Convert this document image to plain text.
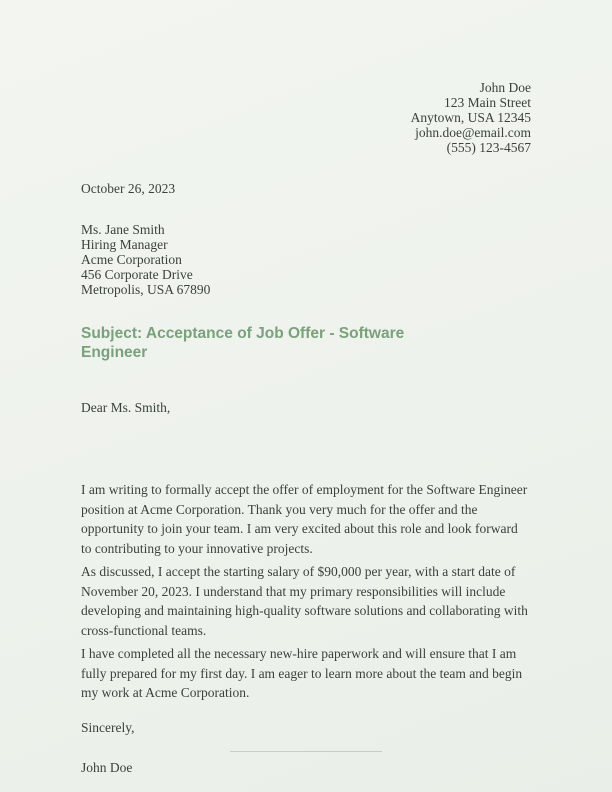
John Doe
123 Main Street
Anytown, USA 12345
john.doe@email.com
(555) 123-4567
October 26, 2023
Ms. Jane Smith
Hiring Manager
Acme Corporation
456 Corporate Drive
Metropolis, USA 67890
Subject: Acceptance of Job Offer - Software Engineer
Dear Ms. Smith,

I am writing to formally accept the offer of employment for the Software Engineer position at Acme Corporation. Thank you very much for the offer and the opportunity to join your team. I am very excited about this role and look forward to contributing to your innovative projects.

As discussed, I accept the starting salary of $90,000 per year, with a start date of November 20, 2023. I understand that my primary responsibilities will include developing and maintaining high-quality software solutions and collaborating with cross-functional teams.

I have completed all the necessary new-hire paperwork and will ensure that I am fully prepared for my first day. I am eager to learn more about the team and begin my work at Acme Corporation.

Sincerely,
John Doe
